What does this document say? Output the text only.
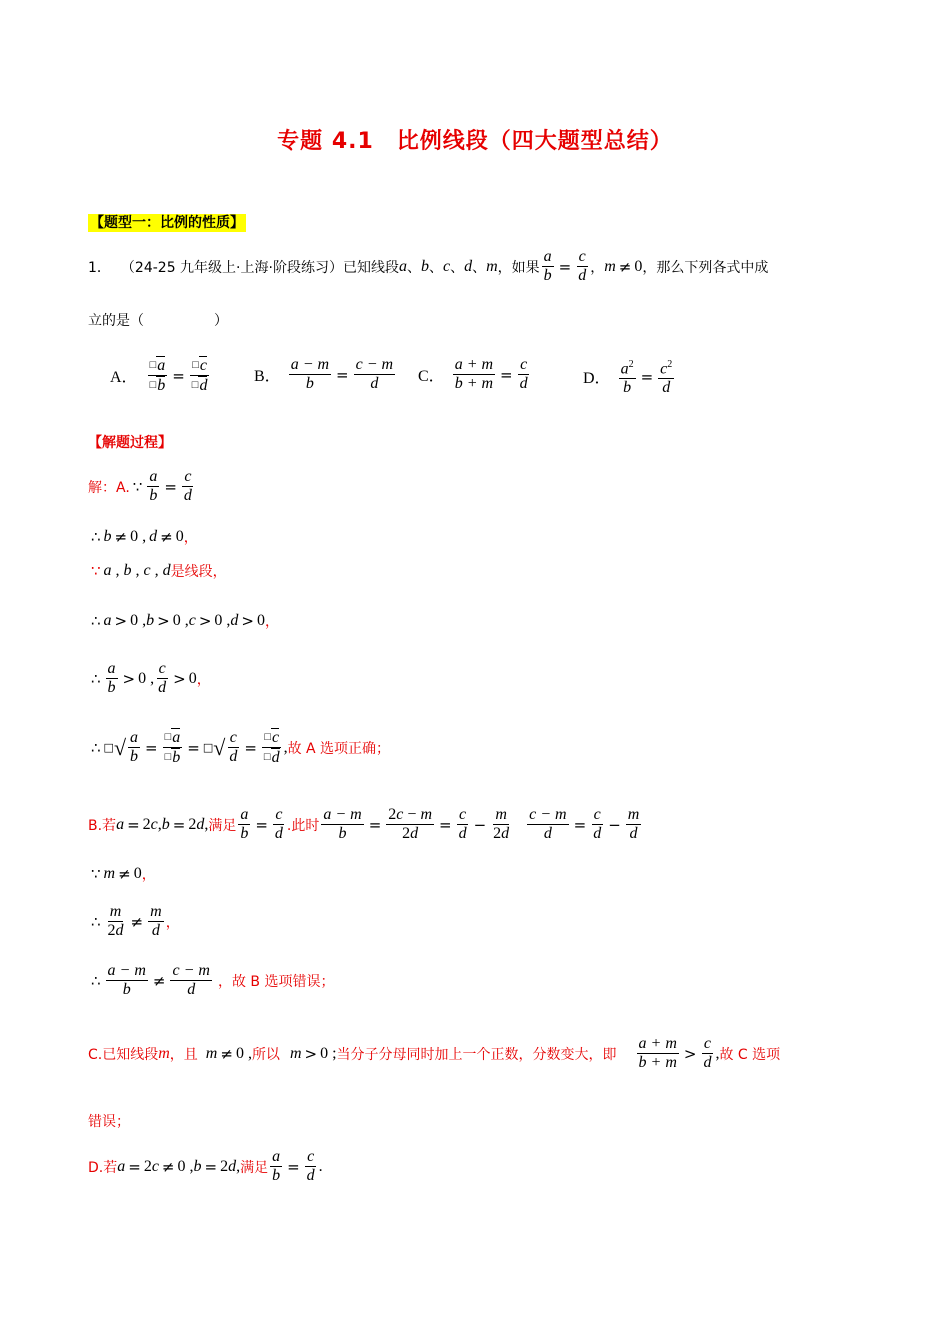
专题 4.1　比例线段（四大题型总结）
【题型一：比例的性质】
1． （24-25 九年级上·上海·阶段练习） 已知线段 a 、 b 、 c 、 d 、 m ，如果 $\frac{a}{b} = \frac{c}{d}$ ， m ≠ 0 ，那么下列各式中成
立的是（　　　　　）
A． $\frac{□a}{□b} = \frac{□c}{□d}$	B． $\frac{a - m}{b} = \frac{c - m}{d}$ C． $\frac{a + m}{b + m} = \frac{c}{d}$	D． $\frac{a^2}{b} = \frac{c^2}{d}$
【解题过程】
解：A. ∵ $\frac{a}{b} = \frac{c}{d}$
∴ b ≠ 0 , d ≠ 0 ，
∵ a , b , c , d 是线段，
∴ a > 0 , b > 0 , c > 0 , d > 0 ，
∴ $\frac{a}{b} > 0$ , $\frac{c}{d} > 0$ ，
∴ □ √ $\frac{a}{b} = \frac{□a}{□b}$ = □ √ $\frac{c}{d} = \frac{□c}{□d}$ , 故 A 选项正确；
B.若 a = 2 c , b = 2 d , 满足 $\frac{a}{b} = \frac{c}{d}$ .此时 $\frac{a - m}{b} = \frac{2c - m}{2d} = \frac{c}{d} - \frac{m}{2d} \frac{c - m}{d} = \frac{c}{d} - \frac{m}{d}$
∵ m ≠ 0 ，
∴ $\frac{m}{2d} \ne \frac{m}{d}$ ，
∴ $\frac{a - m}{b} \ne \frac{c - m}{d}$ ， 故 B 选项错误；
C.已知线段 m ，且 m ≠ 0 , 所以 m > 0 ; 当分子分母同时加上一个正数，分数变大，即 $\frac{a + m}{b + m} > \frac{c}{d}$ , 故 C 选项
错误；
D.若 a = 2 c ≠ 0 , b = 2 d , 满足 $\frac{a}{b} = \frac{c}{d}$ .
